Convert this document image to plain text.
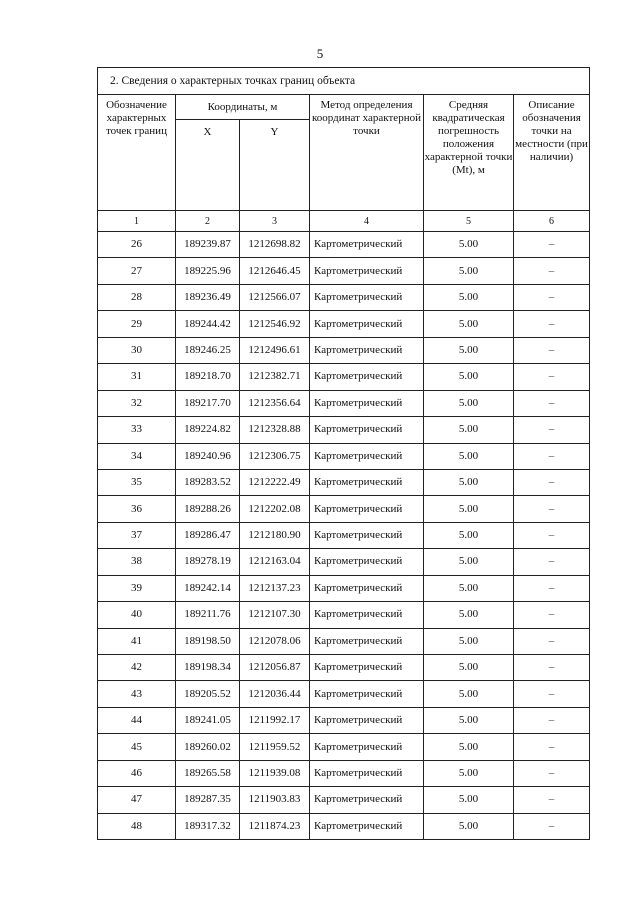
5
2. Сведения о характерных точках границ объекта					
Обозначение характерных точек границ	Координаты, м		Метод определения координат характерной точки	Средняя квадратическая погрешность положения характерной точки (Mt), м	Описание обозначения точки на местности (при наличии)
	X	Y			
1	2	3	4	5	6
26	189239.87	1212698.82	Картометрический	5.00	–
27	189225.96	1212646.45	Картометрический	5.00	–
28	189236.49	1212566.07	Картометрический	5.00	–
29	189244.42	1212546.92	Картометрический	5.00	–
30	189246.25	1212496.61	Картометрический	5.00	–
31	189218.70	1212382.71	Картометрический	5.00	–
32	189217.70	1212356.64	Картометрический	5.00	–
33	189224.82	1212328.88	Картометрический	5.00	–
34	189240.96	1212306.75	Картометрический	5.00	–
35	189283.52	1212222.49	Картометрический	5.00	–
36	189288.26	1212202.08	Картометрический	5.00	–
37	189286.47	1212180.90	Картометрический	5.00	–
38	189278.19	1212163.04	Картометрический	5.00	–
39	189242.14	1212137.23	Картометрический	5.00	–
40	189211.76	1212107.30	Картометрический	5.00	–
41	189198.50	1212078.06	Картометрический	5.00	–
42	189198.34	1212056.87	Картометрический	5.00	–
43	189205.52	1212036.44	Картометрический	5.00	–
44	189241.05	1211992.17	Картометрический	5.00	–
45	189260.02	1211959.52	Картометрический	5.00	–
46	189265.58	1211939.08	Картометрический	5.00	–
47	189287.35	1211903.83	Картометрический	5.00	–
48	189317.32	1211874.23	Картометрический	5.00	–
